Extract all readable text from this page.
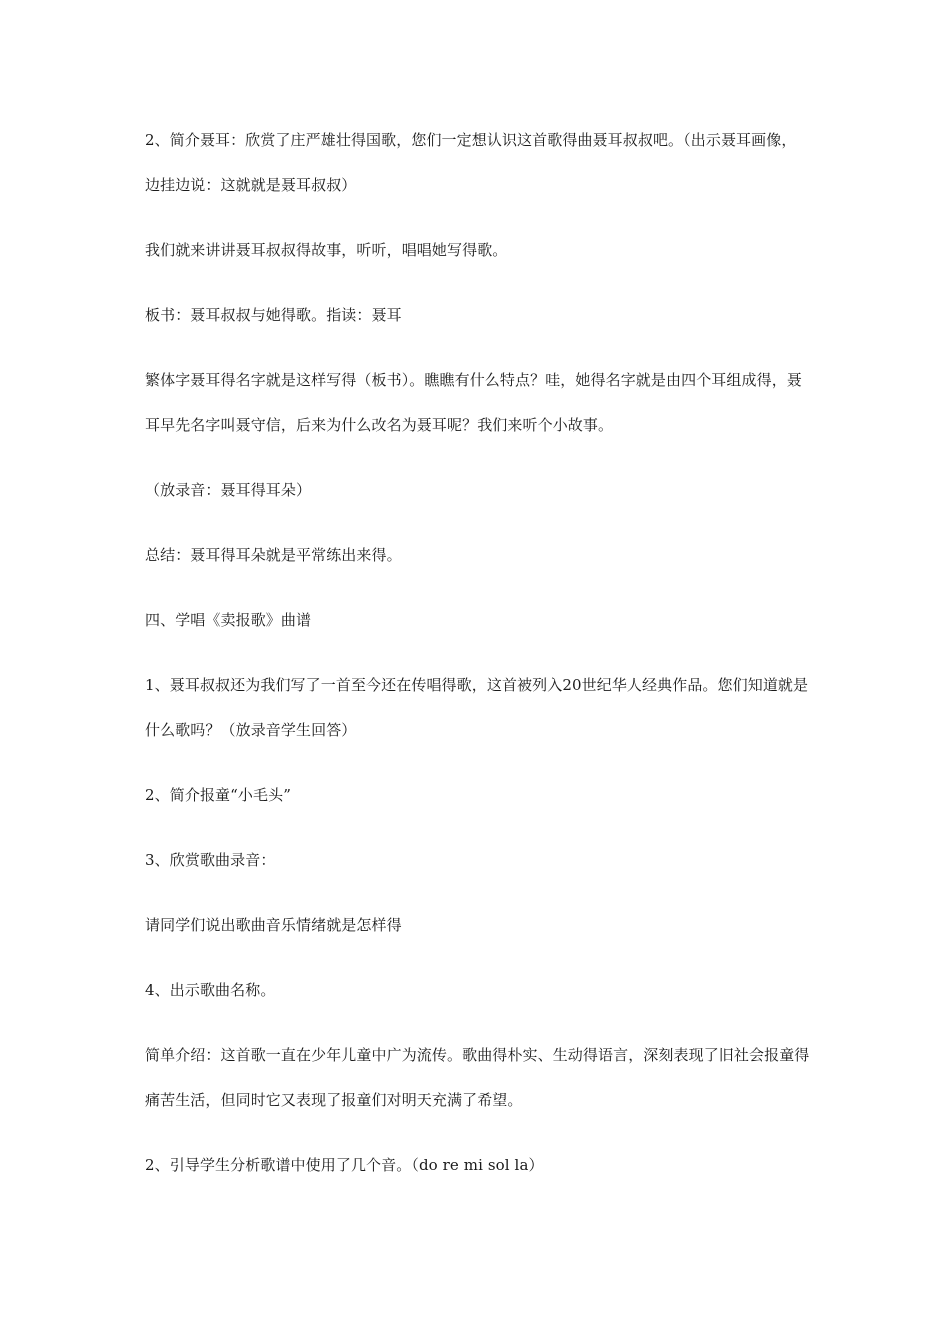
2、简介聂耳：欣赏了庄严雄壮得国歌，您们一定想认识这首歌得曲聂耳叔叔吧。（出示聂耳画像，边挂边说：这就就是聂耳叔叔）

我们就来讲讲聂耳叔叔得故事，听听，唱唱她写得歌。

板书：聂耳叔叔与她得歌。指读：聂耳

繁体字聂耳得名字就是这样写得（板书）。瞧瞧有什么特点？哇，她得名字就是由四个耳组成得，聂耳早先名字叫聂守信，后来为什么改名为聂耳呢？我们来听个小故事。

（放录音：聂耳得耳朵）

总结：聂耳得耳朵就是平常练出来得。

四、学唱《卖报歌》曲谱

1、聂耳叔叔还为我们写了一首至今还在传唱得歌，这首被列入20世纪华人经典作品。您们知道就是什么歌吗？（放录音学生回答）

2、简介报童“小毛头”

3、欣赏歌曲录音：

请同学们说出歌曲音乐情绪就是怎样得

4、出示歌曲名称。

简单介绍：这首歌一直在少年儿童中广为流传。歌曲得朴实、生动得语言，深刻表现了旧社会报童得痛苦生活，但同时它又表现了报童们对明天充满了希望。

2、引导学生分析歌谱中使用了几个音。（do re mi sol la）
